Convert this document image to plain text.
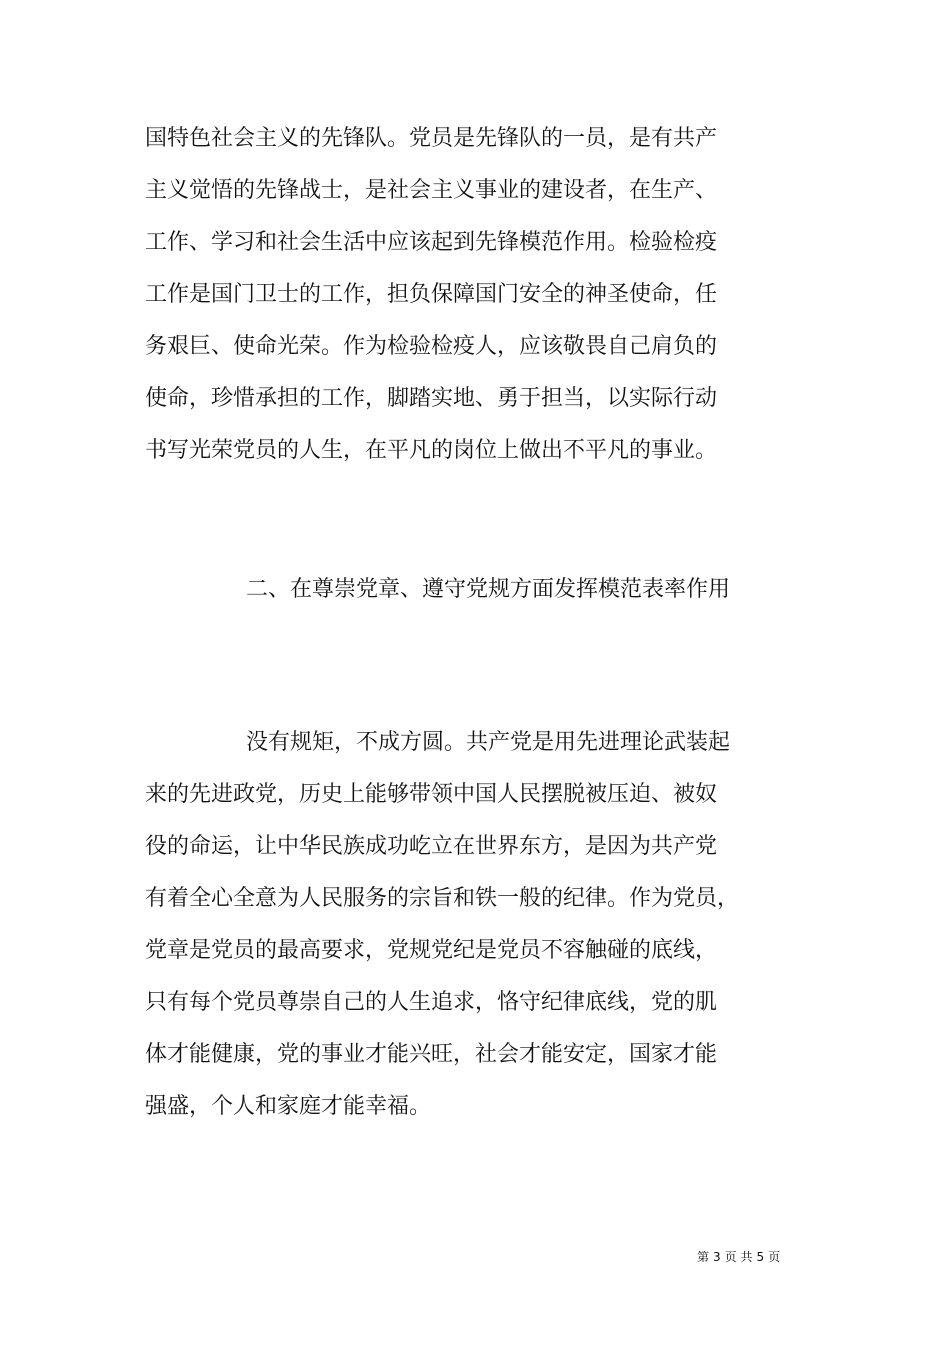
国特色社会主义的先锋队。党员是先锋队的一员，是有共产
主义觉悟的先锋战士，是社会主义事业的建设者，在生产、
工作、学习和社会生活中应该起到先锋模范作用。检验检疫
工作是国门卫士的工作，担负保障国门安全的神圣使命，任
务艰巨、使命光荣。作为检验检疫人，应该敬畏自己肩负的
使命，珍惜承担的工作，脚踏实地、勇于担当，以实际行动
书写光荣党员的人生，在平凡的岗位上做出不平凡的事业。
二、在尊崇党章、遵守党规方面发挥模范表率作用
没有规矩，不成方圆。共产党是用先进理论武装起
来的先进政党，历史上能够带领中国人民摆脱被压迫、被奴
役的命运，让中华民族成功屹立在世界东方，是因为共产党
有着全心全意为人民服务的宗旨和铁一般的纪律。作为党员，
党章是党员的最高要求，党规党纪是党员不容触碰的底线，
只有每个党员尊崇自己的人生追求，恪守纪律底线，党的肌
体才能健康，党的事业才能兴旺，社会才能安定，国家才能
强盛，个人和家庭才能幸福。
第 3 页 共 5 页
